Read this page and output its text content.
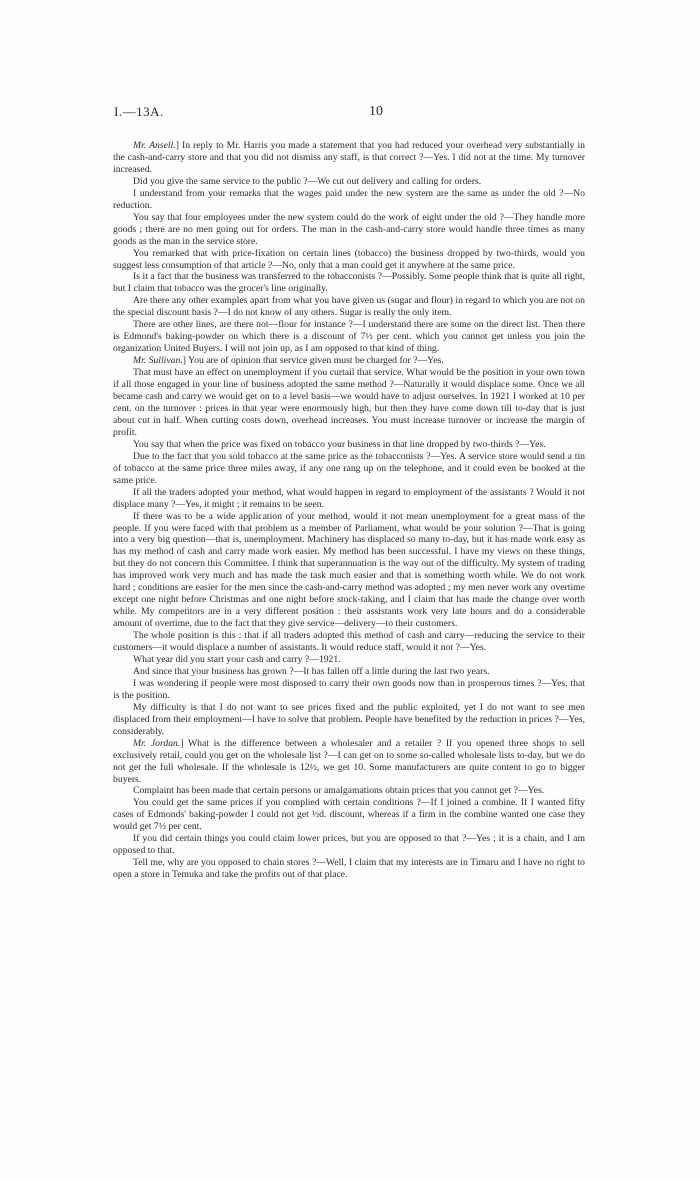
I.—13A.	10

Mr. Ansell.] In reply to Mr. Harris you made a statement that you had reduced your overhead very substantially in the cash-and-carry store and that you did not dismiss any staff, is that correct ?—Yes. I did not at the time. My turnover increased.

Did you give the same service to the public ?—We cut out delivery and calling for orders.

I understand from your remarks that the wages paid under the new system are the same as under the old ?—No reduction.

You say that four employees under the new system could do the work of eight under the old ?—They handle more goods ; there are no men going out for orders. The man in the cash-and-carry store would handle three times as many goods as the man in the service store.

You remarked that with price-fixation on certain lines (tobacco) the business dropped by two-thirds, would you suggest less consumption of that article ?—No, only that a man could get it anywhere at the same price.

Is it a fact that the business was transferred to the tobacconists ?—Possibly. Some people think that is quite all right, but I claim that tobacco was the grocer's line originally.

Are there any other examples apart from what you have given us (sugar and flour) in regard to which you are not on the special discount basis ?—I do not know of any others. Sugar is really the only item.

There are other lines, are there not—flour for instance ?—I understand there are some on the direct list. Then there is Edmond's baking-powder on which there is a discount of 7½ per cent. which you cannot get unless you join the organization United Buyers. I will not join up, as I am opposed to that kind of thing.

Mr. Sullivan.] You are of opinion that service given must be charged for ?—Yes.

That must have an effect on unemployment if you curtail that service. What would be the position in your own town if all those engaged in your line of business adopted the same method ?—Naturally it would displace some. Once we all became cash and carry we would get on to a level basis—we would have to adjust ourselves. In 1921 I worked at 10 per cent. on the turnover : prices in that year were enormously high, but then they have come down till to-day that is just about cut in half. When cutting costs down, overhead increases. You must increase turnover or increase the margin of profit.

You say that when the price was fixed on tobacco your business in that line dropped by two-thirds ?—Yes.

Due to the fact that you sold tobacco at the same price as the tobacconists ?—Yes. A service store would send a tin of tobacco at the same price three miles away, if any one rang up on the telephone, and it could even be booked at the same price.

If all the traders adopted your method, what would happen in regard to employment of the assistants ? Would it not displace many ?—Yes, it might ; it remains to be seen.

If there was to be a wide application of your method, would it not mean unemployment for a great mass of the people. If you were faced with that problem as a member of Parliament, what would be your solution ?—That is going into a very big question—that is, unemployment. Machinery has displaced so many to-day, but it has made work easy as has my method of cash and carry made work easier. My method has been successful. I have my views on these things, but they do not concern this Committee. I think that superannuation is the way out of the difficulty. My system of trading has improved work very much and has made the task much easier and that is something worth while. We do not work hard ; conditions are easier for the men since the cash-and-carry method was adopted ; my men never work any overtime except one night before Christmas and one night before stock-taking, and I claim that has made the change over worth while. My competitors are in a very different position : their assistants work very late hours and do a considerable amount of overtime, due to the fact that they give service—delivery—to their customers.

The whole position is this : that if all traders adopted this method of cash and carry—reducing the service to their customers—it would displace a number of assistants. It would reduce staff, would it not ?—Yes.

What year did you start your cash and carry ?—1921.

And since that your business has grown ?—It has fallen off a little during the last two years.

I was wondering if people were most disposed to carry their own goods now than in prosperous times ?—Yes, that is the position.

My difficulty is that I do not want to see prices fixed and the public exploited, yet I do not want to see men displaced from their employment—I have to solve that problem. People have benefited by the reduction in prices ?—Yes, considerably.

Mr. Jordan.] What is the difference between a wholesaler and a retailer ? If you opened three shops to sell exclusively retail, could you get on the wholesale list ?—I can get on to some so-called wholesale lists to-day, but we do not get the full wholesale. If the wholesale is 12½, we get 10. Some manufacturers are quite content to go to bigger buyers.

Complaint has been made that certain persons or amalgamations obtain prices that you cannot get ?—Yes.

You could get the same prices if you complied with certain conditions ?—If I joined a combine. If I wanted fifty cases of Edmonds' baking-powder I could not get ½d. discount, whereas if a firm in the combine wanted one case they would get 7½ per cent.

If you did certain things you could claim lower prices, but you are opposed to that ?—Yes ; it is a chain, and I am opposed to that.

Tell me, why are you opposed to chain stores ?—Well, I claim that my interests are in Timaru and I have no right to open a store in Temuka and take the profits out of that place.
